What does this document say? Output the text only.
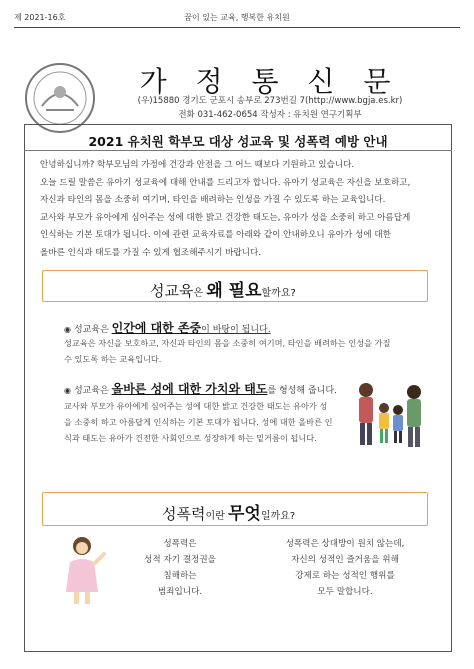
제 2021-16호	꿈이 있는 교육, 행복한 유치원
가 정 통 신 문
(우)15880 경기도 군포시 송부로 273번길 7(http://www.bgja.es.kr)
전화 031-462-0654 작성자 : 유치원 연구기획부
2021 유치원 학부모 대상 성교육 및 성폭력 예방 안내

안녕하십니까? 학부모님의 가정에 건강과 안전을 그 어느 때보다 기원하고 있습니다.

오늘 드릴 말씀은 유아기 성교육에 대해 안내를 드리고자 합니다. 유아기 성교육은 자신을 보호하고,

자신과 타인의 몸을 소중히 여기며, 타인을 배려하는 인성을 가질 수 있도록 하는 교육입니다.

교사와 부모가 유아에게 심어주는 성에 대한 밝고 건강한 태도는, 유아가 성을 소중히 하고 아름답게

인식하는 기본 토대가 됩니다. 이에 관련 교육자료를 아래와 같이 안내하오니 유아가 성에 대한

올바른 인식과 태도를 가질 수 있게 협조해주시기 바랍니다.

성교육은 왜 필요할까요?
◉ 성교육은 인간에 대한 존중이 바탕이 됩니다.

성교육은 자신을 보호하고, 자신과 타인의 몸을 소중히 여기며, 타인을 배려하는 인성을 가질

수 있도록 하는 교육입니다.

◉ 성교육은 올바른 성에 대한 가치와 태도를 형성해 줍니다.

교사와 부모가 유아에게 심어주는 성에 대한 밝고 건강한 태도는 유아가 성

을 소중히 하고 아름답게 인식하는 기본 토대가 됩니다. 성에 대한 올바른 인

식과 태도는 유아가 건전한 사회인으로 성장하게 하는 밑거름이 됩니다.

성폭력이란 무엇일까요?

성폭력은

성적 자기 결정권을

침해하는

범죄입니다.

성폭력은 상대방이 원치 않는데,

자신의 성적인 즐거움을 위해

강제로 하는 성적인 행위를

모두 말합니다.
